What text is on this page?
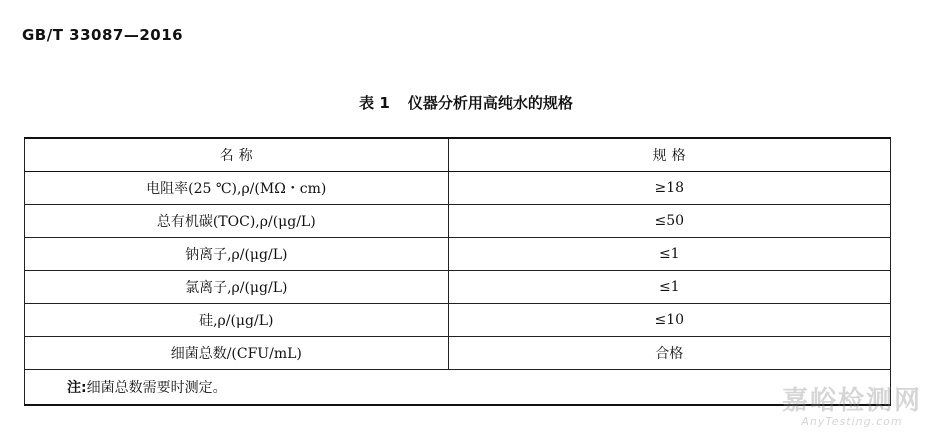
GB/T 33087—2016
表 1 仪器分析用高纯水的规格
名 称	规 格
电阻率(25 ℃),ρ/(MΩ・cm)	≥18
总有机碳(TOC),ρ/(μg/L)	≤50
钠离子,ρ/(μg/L)	≤1
氯离子,ρ/(μg/L)	≤1
硅,ρ/(μg/L)	≤10
细菌总数/(CFU/mL)	合格
注:细菌总数需要时测定。		嘉峪检测网
AnyTesting.com
